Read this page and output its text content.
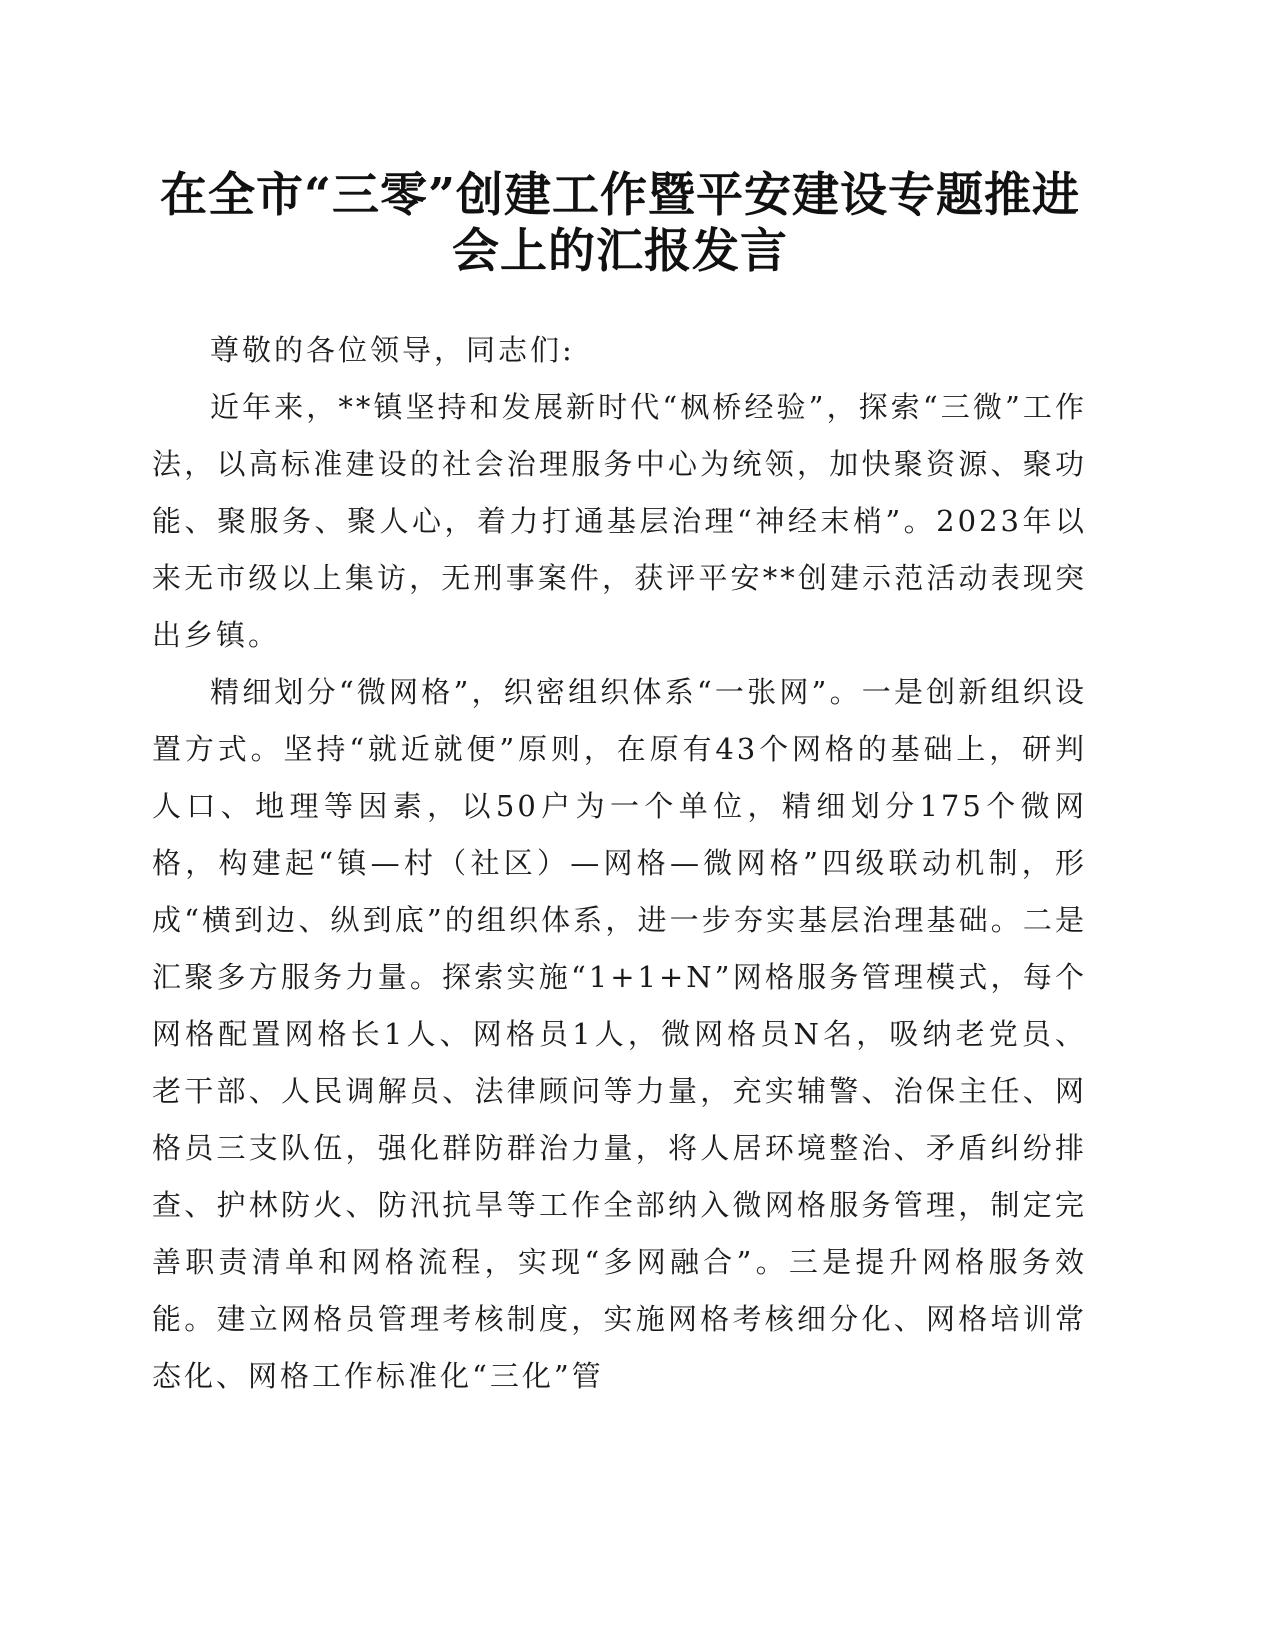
在全市“三零”创建工作暨平安建设专题推进
会上的汇报发言

尊敬的各位领导，同志们:

近年来，**镇坚持和发展新时代“枫桥经验”，探索“三微”工作法，以高标准建设的社会治理服务中心为统领，加快聚资源、聚功能、聚服务、聚人心，着力打通基层治理“神经末梢”。2023年以来无市级以上集访，无刑事案件，获评平安**创建示范活动表现突出乡镇。

精细划分“微网格”，织密组织体系“一张网”。一是创新组织设置方式。坚持“就近就便”原则，在原有43个网格的基础上，研判人口、地理等因素，以50户为一个单位，精细划分175个微网格，构建起“镇—村（社区）—网格—微网格”四级联动机制，形成“横到边、纵到底”的组织体系，进一步夯实基层治理基础。二是汇聚多方服务力量。探索实施“1+1+N”网格服务管理模式，每个网格配置网格长1人、网格员1人，微网格员N名，吸纳老党员、老干部、人民调解员、法律顾问等力量，充实辅警、治保主任、网格员三支队伍，强化群防群治力量，将人居环境整治、矛盾纠纷排查、护林防火、防汛抗旱等工作全部纳入微网格服务管理，制定完善职责清单和网格流程，实现“多网融合”。三是提升网格服务效能。建立网格员管理考核制度，实施网格考核细分化、网格培训常态化、网格工作标准化“三化”管
